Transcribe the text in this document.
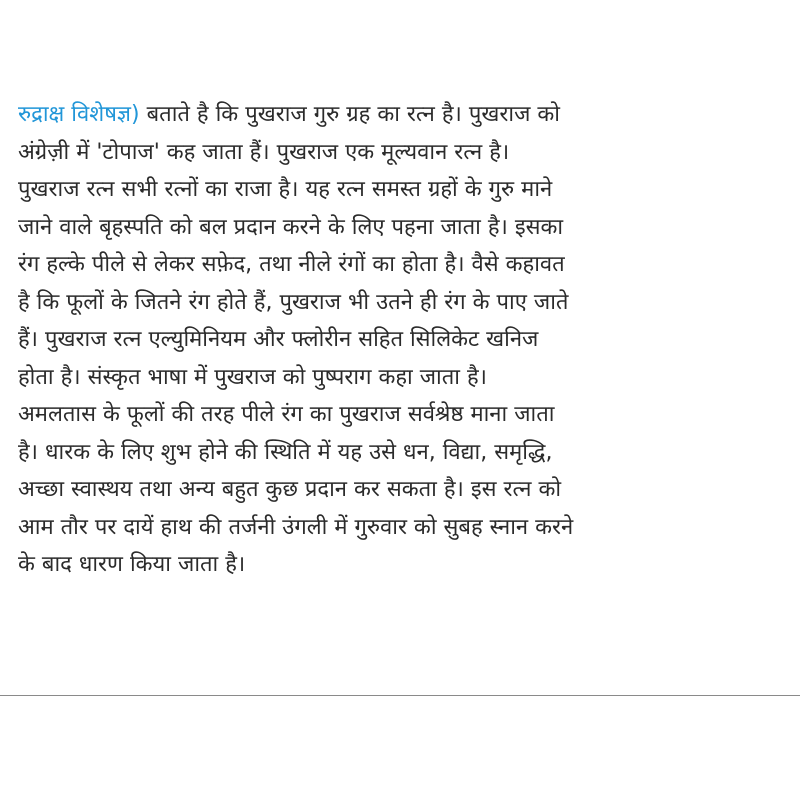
रुद्राक्ष विशेषज्ञ) बताते है कि पुखराज गुरु ग्रह का रत्न है। पुखराज को
अंग्रेज़ी में 'टोपाज' कह जाता हैं। पुखराज एक मूल्यवान रत्न है।
पुखराज रत्न सभी रत्नों का राजा है। यह रत्न समस्त ग्रहों के गुरु माने
जाने वाले बृहस्पति को बल प्रदान करने के लिए पहना जाता है। इसका
रंग हल्के पीले से लेकर सफ़ेद, तथा नीले रंगों का होता है। वैसे कहावत
है कि फूलों के जितने रंग होते हैं, पुखराज भी उतने ही रंग के पाए जाते
हैं। पुखराज रत्न एल्युमिनियम और फ्लोरीन सहित सिलिकेट खनिज
होता है। संस्कृत भाषा में पुखराज को पुष्पराग कहा जाता है।
अमलतास के फूलों की तरह पीले रंग का पुखराज सर्वश्रेष्ठ माना जाता
है। धारक के लिए शुभ होने की स्थिति में यह उसे धन, विद्या, समृद्धि,
अच्छा स्वास्थय तथा अन्य बहुत कुछ प्रदान कर सकता है। इस रत्न को
आम तौर पर दायें हाथ की तर्जनी उंगली में गुरुवार को सुबह स्नान करने
के बाद धारण किया जाता है।
